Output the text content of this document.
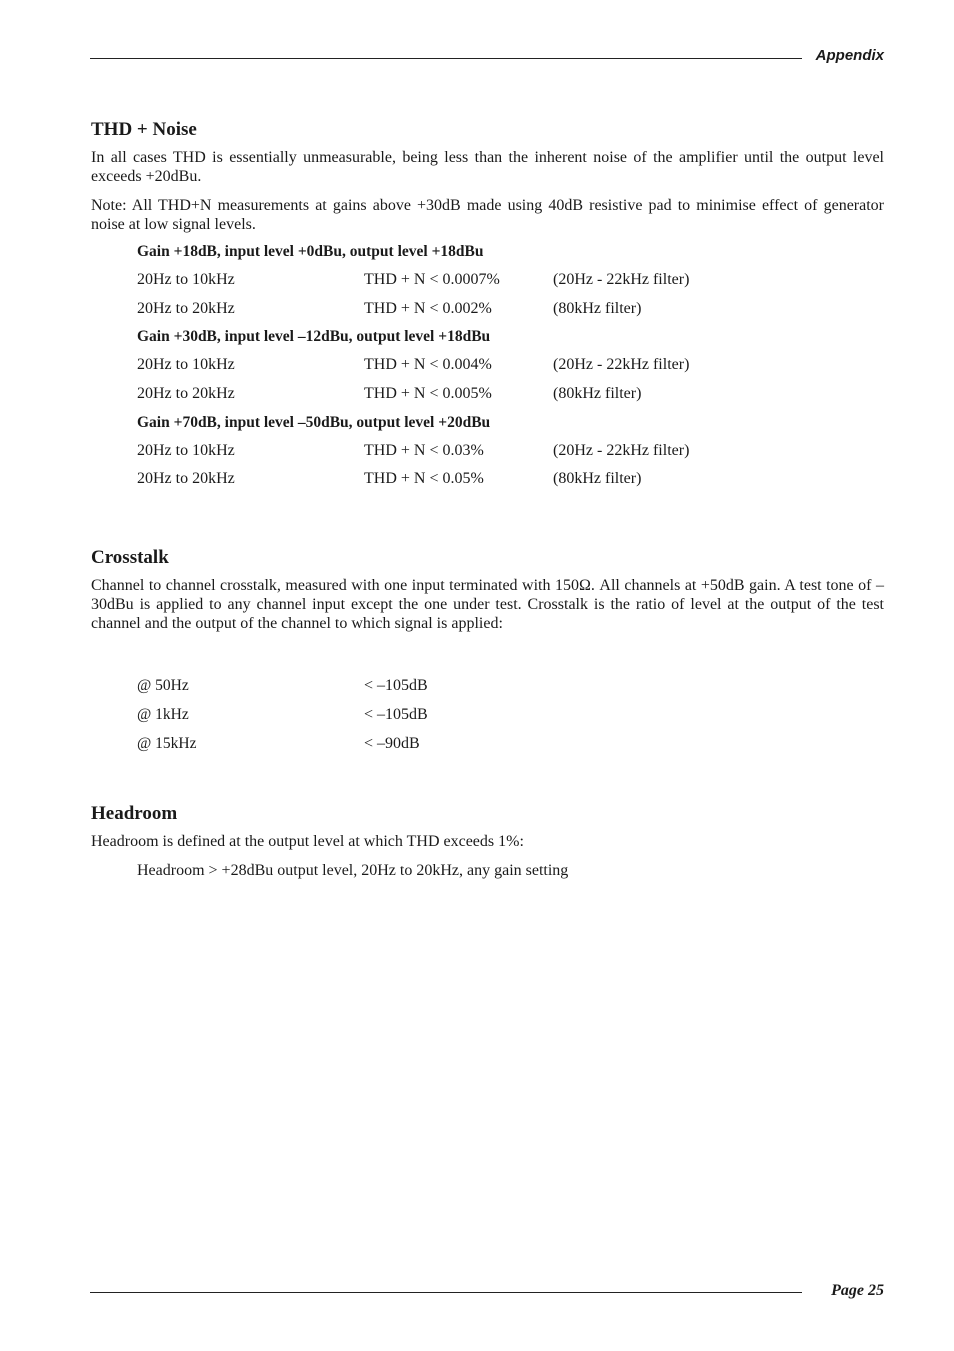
Appendix
THD + Noise

In all cases THD is essentially unmeasurable, being less than the inherent noise of the amplifier until the output level exceeds +20dBu.

Note: All THD+N measurements at gains above +30dB made using 40dB resistive pad to minimise effect of generator noise at low signal levels.

Gain +18dB, input level +0dBu, output level +18dBu
20Hz to 10kHz	THD + N < 0.0007%	(20Hz - 22kHz filter)
20Hz to 20kHz	THD + N < 0.002%	(80kHz filter)
Gain +30dB, input level –12dBu, output level +18dBu
20Hz to 10kHz	THD + N < 0.004%	(20Hz - 22kHz filter)
20Hz to 20kHz	THD + N < 0.005%	(80kHz filter)
Gain +70dB, input level –50dBu, output level +20dBu
20Hz to 10kHz	THD + N < 0.03%	(20Hz - 22kHz filter)
20Hz to 20kHz	THD + N < 0.05%	(80kHz filter)
Crosstalk

Channel to channel crosstalk, measured with one input terminated with 150Ω. All channels at +50dB gain. A test tone of –30dBu is applied to any channel input except the one under test. Crosstalk is the ratio of level at the output of the test channel and the output of the channel to which signal is applied:

@ 50Hz	< –105dB
@ 1kHz	< –105dB
@ 15kHz	< –90dB
Headroom

Headroom is defined at the output level at which THD exceeds 1%:

Headroom > +28dBu output level, 20Hz to 20kHz, any gain setting
Page 25
